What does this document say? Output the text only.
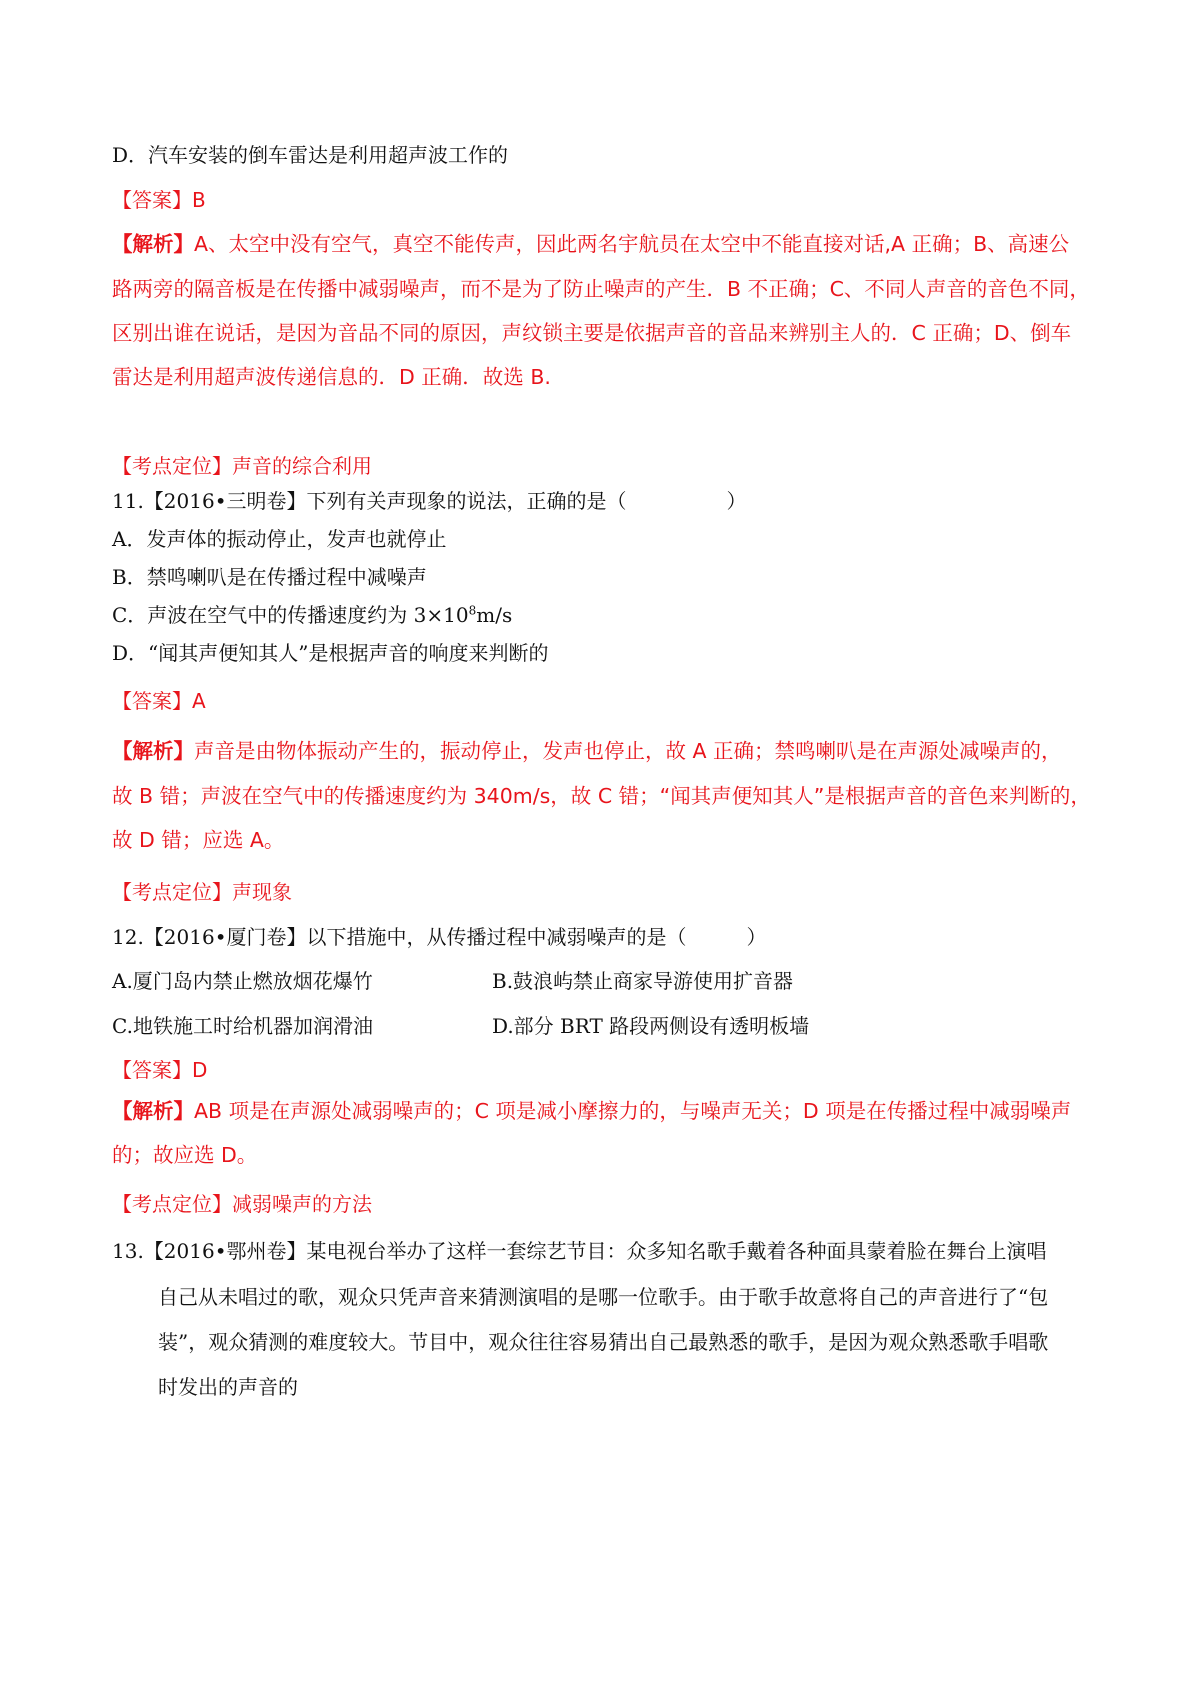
D．汽车安装的倒车雷达是利用超声波工作的
【答案】B
【解析】A、太空中没有空气，真空不能传声，因此两名宇航员在太空中不能直接对话,A 正确；B、高速公
路两旁的隔音板是在传播中减弱噪声，而不是为了防止噪声的产生．B 不正确；C、不同人声音的音色不同，
区别出谁在说话，是因为音品不同的原因，声纹锁主要是依据声音的音品来辨别主人的．C 正确；D、倒车
雷达是利用超声波传递信息的．D 正确．故选 B.
【考点定位】声音的综合利用
11.【2016•三明卷】下列有关声现象的说法，正确的是（　　　　　）
A．发声体的振动停止，发声也就停止
B．禁鸣喇叭是在传播过程中减噪声
C．声波在空气中的传播速度约为 $3\times 10^8m/s$
D．“闻其声便知其人”是根据声音的响度来判断的
【答案】A
【解析】声音是由物体振动产生的，振动停止，发声也停止，故 A 正确；禁鸣喇叭是在声源处减噪声的，
故 B 错；声波在空气中的传播速度约为 340m/s，故 C 错；“闻其声便知其人”是根据声音的音色来判断的，
故 D 错；应选 A。
【考点定位】声现象
12.【2016•厦门卷】以下措施中，从传播过程中减弱噪声的是（　　　）
A.厦门岛内禁止燃放烟花爆竹	B.鼓浪屿禁止商家导游使用扩音器
C.地铁施工时给机器加润滑油	D.部分 BRT 路段两侧设有透明板墙
【答案】D
【解析】AB 项是在声源处减弱噪声的；C 项是减小摩擦力的，与噪声无关；D 项是在传播过程中减弱噪声
的；故应选 D。
【考点定位】减弱噪声的方法
13.【2016•鄂州卷】某电视台举办了这样一套综艺节目：众多知名歌手戴着各种面具蒙着脸在舞台上演唱
自己从未唱过的歌，观众只凭声音来猜测演唱的是哪一位歌手。由于歌手故意将自己的声音进行了“包
装”，观众猜测的难度较大。节目中，观众往往容易猜出自己最熟悉的歌手，是因为观众熟悉歌手唱歌
时发出的声音的
